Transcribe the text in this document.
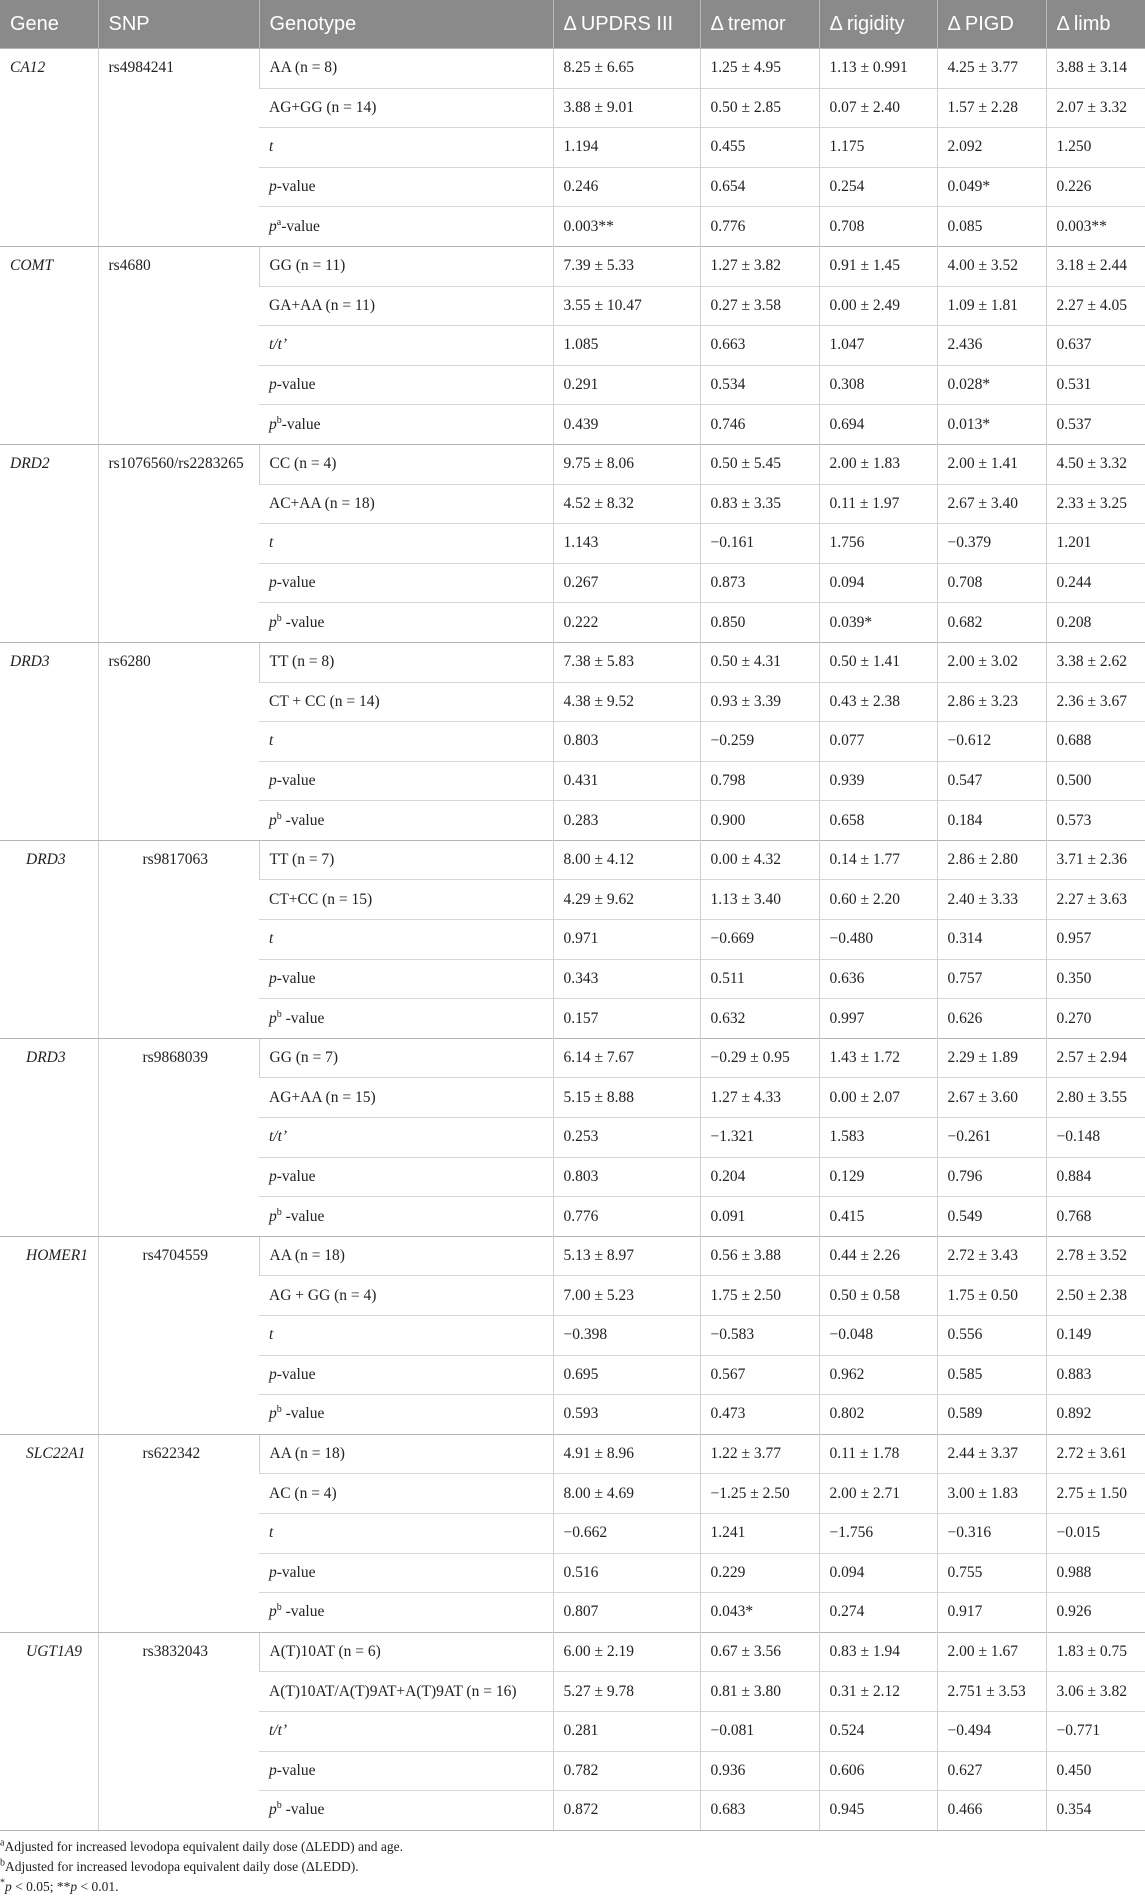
Gene	SNP	Genotype	Δ UPDRS III	Δ tremor	Δ rigidity	Δ PIGD	Δ limb
CA12	rs4984241	AA (n = 8)	8.25 ± 6.65	1.25 ± 4.95	1.13 ± 0.991	4.25 ± 3.77	3.88 ± 3.14
		AG+GG (n = 14)	3.88 ± 9.01	0.50 ± 2.85	0.07 ± 2.40	1.57 ± 2.28	2.07 ± 3.32
		t	1.194	0.455	1.175	2.092	1.250
		p-value	0.246	0.654	0.254	0.049*	0.226
		$p^a$-value	0.003**	0.776	0.708	0.085	0.003**
COMT	rs4680	GG (n = 11)	7.39 ± 5.33	1.27 ± 3.82	0.91 ± 1.45	4.00 ± 3.52	3.18 ± 2.44
		GA+AA (n = 11)	3.55 ± 10.47	0.27 ± 3.58	0.00 ± 2.49	1.09 ± 1.81	2.27 ± 4.05
		t/t’	1.085	0.663	1.047	2.436	0.637
		p-value	0.291	0.534	0.308	0.028*	0.531
		$p^b$-value	0.439	0.746	0.694	0.013*	0.537
DRD2	rs1076560/rs2283265	CC (n = 4)	9.75 ± 8.06	0.50 ± 5.45	2.00 ± 1.83	2.00 ± 1.41	4.50 ± 3.32
		AC+AA (n = 18)	4.52 ± 8.32	0.83 ± 3.35	0.11 ± 1.97	2.67 ± 3.40	2.33 ± 3.25
		t	1.143	−0.161	1.756	−0.379	1.201
		p-value	0.267	0.873	0.094	0.708	0.244
		$p^b$ -value	0.222	0.850	0.039*	0.682	0.208
DRD3	rs6280	TT (n = 8)	7.38 ± 5.83	0.50 ± 4.31	0.50 ± 1.41	2.00 ± 3.02	3.38 ± 2.62
		CT + CC (n = 14)	4.38 ± 9.52	0.93 ± 3.39	0.43 ± 2.38	2.86 ± 3.23	2.36 ± 3.67
		t	0.803	−0.259	0.077	−0.612	0.688
		p-value	0.431	0.798	0.939	0.547	0.500
		$p^b$ -value	0.283	0.900	0.658	0.184	0.573
DRD3	rs9817063	TT (n = 7)	8.00 ± 4.12	0.00 ± 4.32	0.14 ± 1.77	2.86 ± 2.80	3.71 ± 2.36
		CT+CC (n = 15)	4.29 ± 9.62	1.13 ± 3.40	0.60 ± 2.20	2.40 ± 3.33	2.27 ± 3.63
		t	0.971	−0.669	−0.480	0.314	0.957
		p-value	0.343	0.511	0.636	0.757	0.350
		$p^b$ -value	0.157	0.632	0.997	0.626	0.270
DRD3	rs9868039	GG (n = 7)	6.14 ± 7.67	−0.29 ± 0.95	1.43 ± 1.72	2.29 ± 1.89	2.57 ± 2.94
		AG+AA (n = 15)	5.15 ± 8.88	1.27 ± 4.33	0.00 ± 2.07	2.67 ± 3.60	2.80 ± 3.55
		t/t’	0.253	−1.321	1.583	−0.261	−0.148
		p-value	0.803	0.204	0.129	0.796	0.884
		$p^b$ -value	0.776	0.091	0.415	0.549	0.768
HOMER1	rs4704559	AA (n = 18)	5.13 ± 8.97	0.56 ± 3.88	0.44 ± 2.26	2.72 ± 3.43	2.78 ± 3.52
		AG + GG (n = 4)	7.00 ± 5.23	1.75 ± 2.50	0.50 ± 0.58	1.75 ± 0.50	2.50 ± 2.38
		t	−0.398	−0.583	−0.048	0.556	0.149
		p-value	0.695	0.567	0.962	0.585	0.883
		$p^b$ -value	0.593	0.473	0.802	0.589	0.892
SLC22A1	rs622342	AA (n = 18)	4.91 ± 8.96	1.22 ± 3.77	0.11 ± 1.78	2.44 ± 3.37	2.72 ± 3.61
		AC (n = 4)	8.00 ± 4.69	−1.25 ± 2.50	2.00 ± 2.71	3.00 ± 1.83	2.75 ± 1.50
		t	−0.662	1.241	−1.756	−0.316	−0.015
		p-value	0.516	0.229	0.094	0.755	0.988
		$p^b$ -value	0.807	0.043*	0.274	0.917	0.926
UGT1A9	rs3832043	A(T)10AT (n = 6)	6.00 ± 2.19	0.67 ± 3.56	0.83 ± 1.94	2.00 ± 1.67	1.83 ± 0.75
		A(T)10AT/A(T)9AT+A(T)9AT (n = 16)	5.27 ± 9.78	0.81 ± 3.80	0.31 ± 2.12	2.751 ± 3.53	3.06 ± 3.82
		t/t’	0.281	−0.081	0.524	−0.494	−0.771
		p-value	0.782	0.936	0.606	0.627	0.450
		$p^b$ -value	0.872	0.683	0.945	0.466	0.354
$^a$Adjusted for increased levodopa equivalent daily dose (ΔLEDD) and age.
$^b$Adjusted for increased levodopa equivalent daily dose (ΔLEDD).
*p < 0.05; **p < 0.01.
